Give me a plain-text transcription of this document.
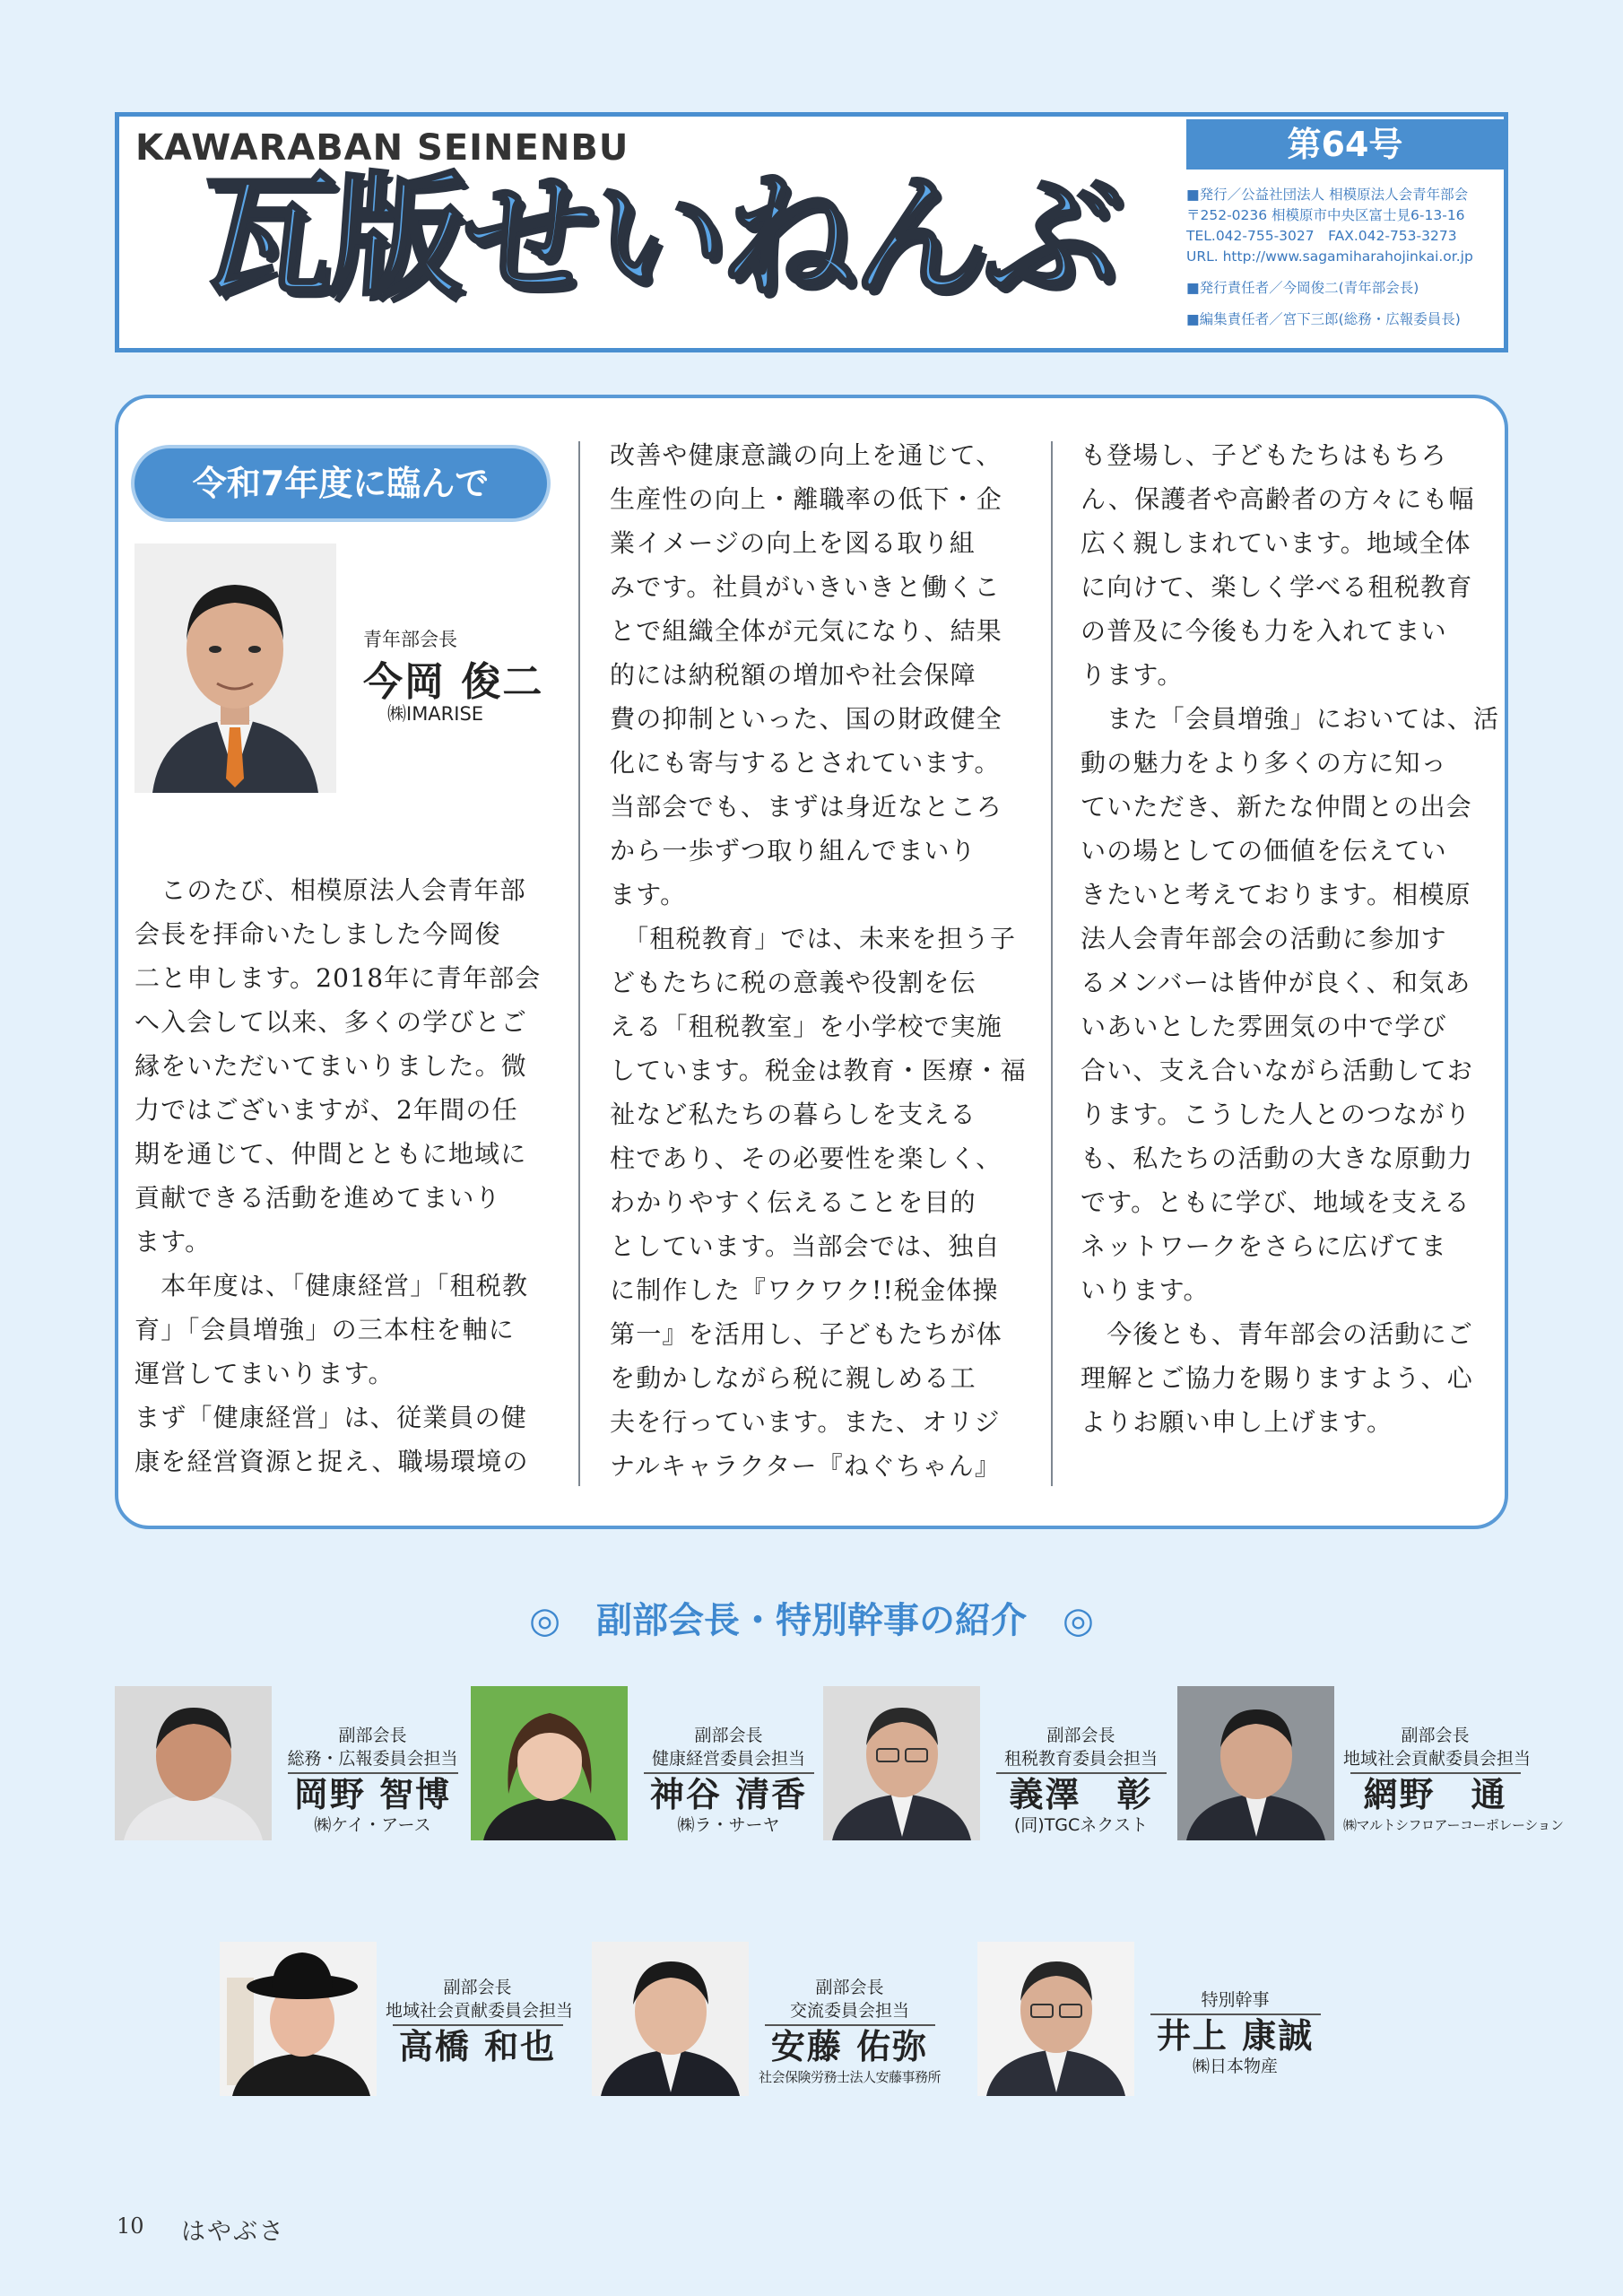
KAWARABAN SEINENBU
瓦版せいねんぶ
第64号
■発行／公益社団法人 相模原法人会青年部会
〒252-0236 相模原市中央区富士見6-13-16
TEL.042-755-3027　FAX.042-753-3273
URL. http://www.sagamiharahojinkai.or.jp
■発行責任者／今岡俊二(青年部会長)
■編集責任者／宮下三郎(総務・広報委員長)
令和7年度に臨んで
青年部会長
今岡 俊二
㈱IMARISE
　このたび、相模原法人会青年部
会長を拝命いたしました今岡俊
二と申します。2018年に青年部会
へ入会して以来、多くの学びとご
縁をいただいてまいりました。微
力ではございますが、2年間の任
期を通じて、仲間とともに地域に
貢献できる活動を進めてまいり
ます。
　本年度は、「健康経営」「租税教
育」「会員増強」の三本柱を軸に
運営してまいります。
まず「健康経営」は、従業員の健
康を経営資源と捉え、職場環境の
改善や健康意識の向上を通じて、
生産性の向上・離職率の低下・企
業イメージの向上を図る取り組
みです。社員がいきいきと働くこ
とで組織全体が元気になり、結果
的には納税額の増加や社会保障
費の抑制といった、国の財政健全
化にも寄与するとされています。
当部会でも、まずは身近なところ
から一歩ずつ取り組んでまいり
ます。
　「租税教育」では、未来を担う子
どもたちに税の意義や役割を伝
える「租税教室」を小学校で実施
しています。税金は教育・医療・福
祉など私たちの暮らしを支える
柱であり、その必要性を楽しく、
わかりやすく伝えることを目的
としています。当部会では、独自
に制作した『ワクワク!!税金体操
第一』を活用し、子どもたちが体
を動かしながら税に親しめる工
夫を行っています。また、オリジ
ナルキャラクター『ねぐちゃん』
も登場し、子どもたちはもちろ
ん、保護者や高齢者の方々にも幅
広く親しまれています。地域全体
に向けて、楽しく学べる租税教育
の普及に今後も力を入れてまい
ります。
　また「会員増強」においては、活
動の魅力をより多くの方に知っ
ていただき、新たな仲間との出会
いの場としての価値を伝えてい
きたいと考えております。相模原
法人会青年部会の活動に参加す
るメンバーは皆仲が良く、和気あ
いあいとした雰囲気の中で学び
合い、支え合いながら活動してお
ります。こうした人とのつながり
も、私たちの活動の大きな原動力
です。ともに学び、地域を支える
ネットワークをさらに広げてま
いります。
　今後とも、青年部会の活動にご
理解とご協力を賜りますよう、心
よりお願い申し上げます。
◎　副部会長・特別幹事の紹介　◎
副部会長
総務・広報委員会担当
岡野 智博
㈱ケイ・アース
副部会長
健康経営委員会担当
神谷 清香
㈱ラ・サーヤ
副部会長
租税教育委員会担当
義澤　彰
(同)TGCネクスト
副部会長
地域社会貢献委員会担当
網野　通
㈱マルトシフロアーコーポレーション
副部会長
地域社会貢献委員会担当
高橋 和也
副部会長
交流委員会担当
安藤 佑弥
社会保険労務士法人安藤事務所
特別幹事
井上 康誠
㈱日本物産
10 はやぶさ
